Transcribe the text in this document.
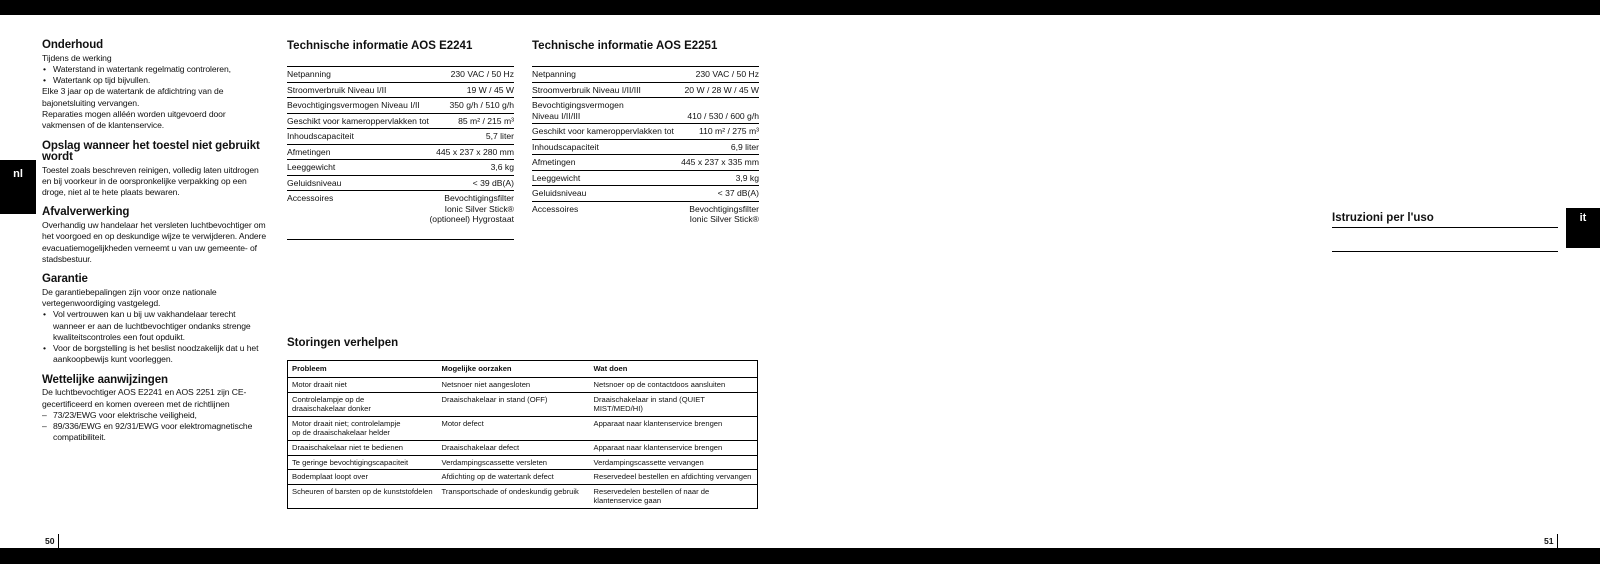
nl
it
Onderhoud

Tijdens de werking

• Waterstand in watertank regelmatig controleren,
• Watertank op tijd bijvullen.

Elke 3 jaar op de watertank de afdichtring van de bajonetsluiting vervangen.

Reparaties mogen alléén worden uitgevoerd door vakmensen of de klantenservice.

Opslag wanneer het toestel niet gebruikt wordt

Toestel zoals beschreven reinigen, volledig laten uitdrogen en bij voorkeur in de oorspronkelijke verpakking op een droge, niet al te hete plaats bewaren.

Afvalverwerking

Overhandig uw handelaar het versleten luchtbevochtiger om het voorgoed en op deskundige wijze te verwijderen. Andere evacuatiemogelijkheden verneemt u van uw gemeente- of stadsbestuur.

Garantie

De garantiebepalingen zijn voor onze nationale vertegenwoordiging vastgelegd.

• Vol vertrouwen kan u bij uw vakhandelaar terecht wanneer er aan de luchtbevochtiger ondanks strenge kwaliteitscontroles een fout opduikt.
• Voor de borgstelling is het beslist noodzakelijk dat u het aankoopbewijs kunt voorleggen.
Wettelijke aanwijzingen

De luchtbevochtiger AOS E2241 en AOS 2251 zijn CE-gecertificeerd en komen overeen met de richtlijnen

– 73/23/EWG voor elektrische veiligheid,
– 89/336/EWG en 92/31/EWG voor elektromagnetische compatibiliteit.
Technische informatie AOS E2241
Netpanning	230 VAC / 50 Hz
Stroomverbruik Niveau I/II	19 W / 45 W
Bevochtigingsvermogen Niveau I/II	350 g/h / 510 g/h
Geschikt voor kameroppervlakken tot	85 m² / 215 m³
Inhoudscapaciteit	5,7 liter
Afmetingen	445 x 237 x 280 mm
Leeggewicht	3,6 kg
Geluidsniveau	< 39 dB(A)
Accessoires	Bevochtigingsfilter
Ionic Silver Stick®
(optioneel) Hygrostaat
Technische informatie AOS E2251
Netpanning	230 VAC / 50 Hz
Stroomverbruik Niveau I/II/III	20 W / 28 W / 45 W
Bevochtigingsvermogen
Niveau I/II/III	410 / 530 / 600 g/h
Geschikt voor kameroppervlakken tot	110 m² / 275 m³
Inhoudscapaciteit	6,9 liter
Afmetingen	445 x 237 x 335 mm
Leeggewicht	3,9 kg
Geluidsniveau	< 37 dB(A)
Accessoires	Bevochtigingsfilter
Ionic Silver Stick®
Storingen verhelpen
Probleem	Mogelijke oorzaken	Wat doen
Motor draait niet	Netsnoer niet aangesloten	Netsnoer op de contactdoos aansluiten
Controlelampje op de
draaischakelaar donker	Draaischakelaar in stand (OFF)	Draaischakelaar in stand (QUIET MIST/MED/HI)
Motor draait niet; controlelampje
op de draaischakelaar helder	Motor defect	Apparaat naar klantenservice brengen
Draaischakelaar niet te bedienen	Draaischakelaar defect	Apparaat naar klantenservice brengen
Te geringe bevochtigingscapaciteit	Verdampingscassette versleten	Verdampingscassette vervangen
Bodemplaat loopt over	Afdichting op de watertank defect	Reservedeel bestellen en afdichting vervangen
Scheuren of barsten op de kunststofdelen	Transportschade of ondeskundig gebruik	Reservedelen bestellen of naar de
klantenservice gaan
Istruzioni per l'uso
50	51
